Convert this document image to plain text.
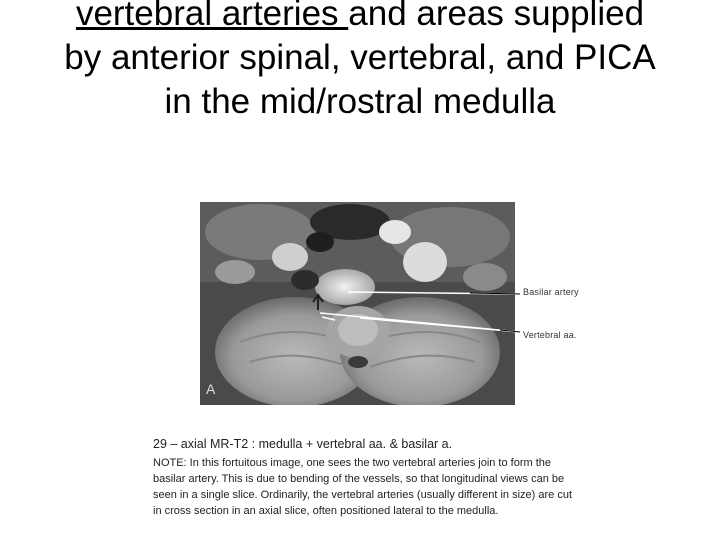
vertebral arteries and areas supplied by anterior spinal, vertebral, and PICA in the mid/rostral medulla
A
Basilar artery
Vertebral aa.
29 – axial MR-T2 : medulla + vertebral aa. & basilar a.
NOTE: In this fortuitous image, one sees the two vertebral arteries join to form the basilar artery. This is due to bending of the vessels, so that longitudinal views can be seen in a single slice. Ordinarily, the vertebral arteries (usually different in size) are cut in cross section in an axial slice, often positioned lateral to the medulla.
